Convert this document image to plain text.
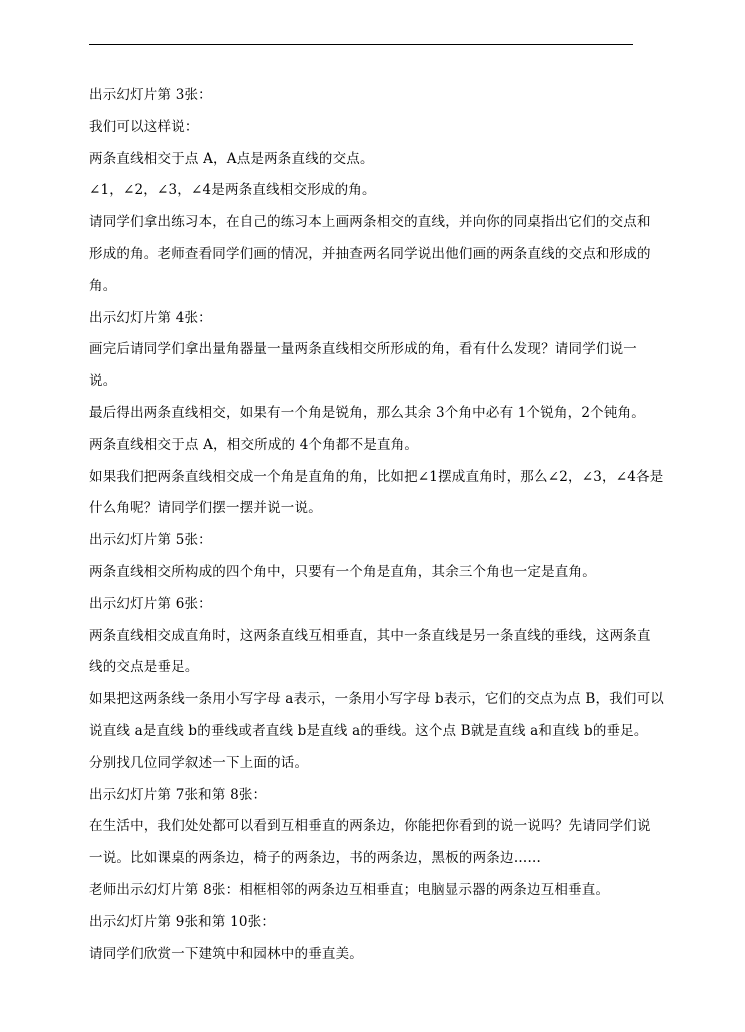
出示幻灯片第 3张：

我们可以这样说：

两条直线相交于点 A，A点是两条直线的交点。

∠1，∠2，∠3，∠4是两条直线相交形成的角。

请同学们拿出练习本，在自己的练习本上画两条相交的直线，并向你的同桌指出它们的交点和形成的角。老师查看同学们画的情况，并抽查两名同学说出他们画的两条直线的交点和形成的角。

出示幻灯片第 4张：

画完后请同学们拿出量角器量一量两条直线相交所形成的角，看有什么发现？请同学们说一说。

最后得出两条直线相交，如果有一个角是锐角，那么其余 3个角中必有 1个锐角，2个钝角。

两条直线相交于点 A，相交所成的 4个角都不是直角。

如果我们把两条直线相交成一个角是直角的角，比如把∠1摆成直角时，那么∠2，∠3，∠4各是什么角呢？请同学们摆一摆并说一说。

出示幻灯片第 5张：

两条直线相交所构成的四个角中，只要有一个角是直角，其余三个角也一定是直角。

出示幻灯片第 6张：

两条直线相交成直角时，这两条直线互相垂直，其中一条直线是另一条直线的垂线，这两条直线的交点是垂足。

如果把这两条线一条用小写字母 a表示，一条用小写字母 b表示，它们的交点为点 B，我们可以说直线 a是直线 b的垂线或者直线 b是直线 a的垂线。这个点 B就是直线 a和直线 b的垂足。

分别找几位同学叙述一下上面的话。

出示幻灯片第 7张和第 8张：

在生活中，我们处处都可以看到互相垂直的两条边，你能把你看到的说一说吗？先请同学们说一说。比如课桌的两条边，椅子的两条边，书的两条边，黑板的两条边……

老师出示幻灯片第 8张：相框相邻的两条边互相垂直；电脑显示器的两条边互相垂直。

出示幻灯片第 9张和第 10张：

请同学们欣赏一下建筑中和园林中的垂直美。
